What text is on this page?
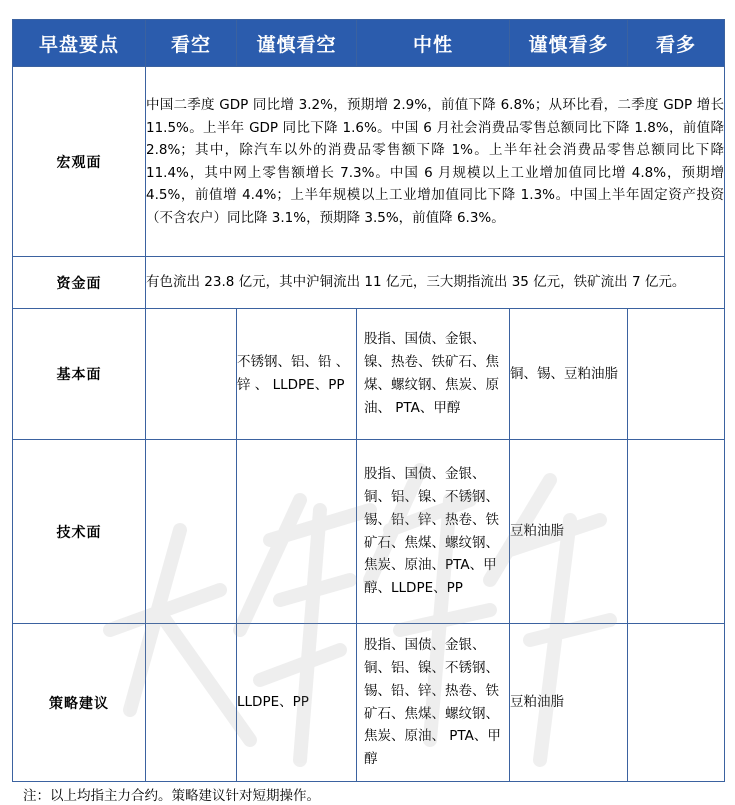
早盘要点	看空	谨慎看空	中性	谨慎看多	看多
宏观面	中国二季度 GDP 同比增 3.2%，预期增 2.9%，前值下降 6.8%；从环比看，二季度 GDP 增长 11.5%。上半年 GDP 同比下降 1.6%。中国 6 月社会消费品零售总额同比下降 1.8%，前值降 2.8%；其中，除汽车以外的消费品零售额下降 1%。上半年社会消费品零售总额同比下降 11.4%，其中网上零售额增长 7.3%。中国 6 月规模以上工业增加值同比增 4.8%，预期增 4.5%，前值增 4.4%；上半年规模以上工业增加值同比下降 1.3%。中国上半年固定资产投资（不含农户）同比降 3.1%，预期降 3.5%，前值降 6.3%。				
资金面	有色流出 23.8 亿元，其中沪铜流出 11 亿元，三大期指流出 35 亿元，铁矿流出 7 亿元。				
基本面		不锈钢、铝、铅 、 锌 、 LLDPE、PP	股指、国债、金银、镍、热卷、铁矿石、焦煤、螺纹钢、焦炭、原油、 PTA、甲醇	铜、锡、豆粕油脂	
技术面			股指、国债、金银、铜、铝、镍、不锈钢、锡、铅、锌、热卷、铁矿石、焦煤、螺纹钢、焦炭、原油、PTA、甲醇、LLDPE、PP	豆粕油脂	
策略建议		LLDPE、PP	股指、国债、金银、铜、铝、镍、不锈钢、锡、铅、锌、热卷、铁矿石、焦煤、螺纹钢、焦炭、原油、 PTA、甲醇	豆粕油脂	
注：以上均指主力合约。策略建议针对短期操作。
